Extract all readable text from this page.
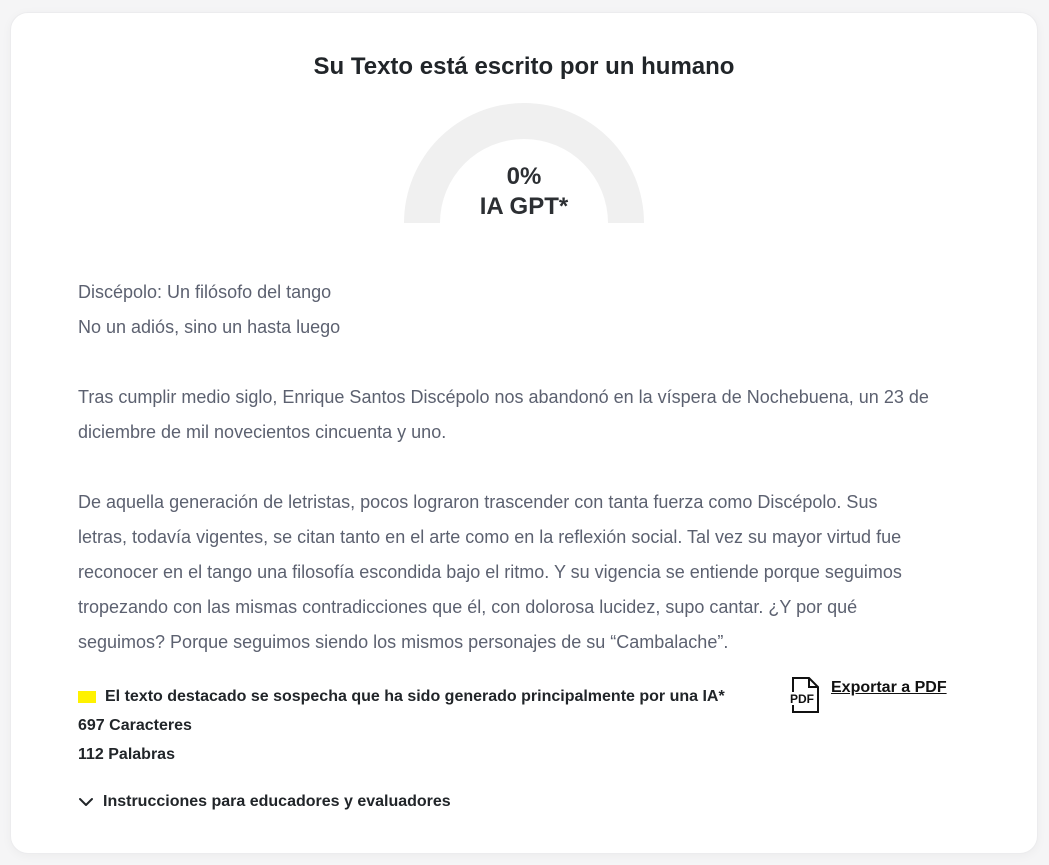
Su Texto está escrito por un humano
0%
IA GPT*

Discépolo: Un filósofo del tango

No un adiós, sino un hasta luego

Tras cumplir medio siglo, Enrique Santos Discépolo nos abandonó en la víspera de Nochebuena, un 23 de

diciembre de mil novecientos cincuenta y uno.

De aquella generación de letristas, pocos lograron trascender con tanta fuerza como Discépolo. Sus

letras, todavía vigentes, se citan tanto en el arte como en la reflexión social. Tal vez su mayor virtud fue

reconocer en el tango una filosofía escondida bajo el ritmo. Y su vigencia se entiende porque seguimos

tropezando con las mismas contradicciones que él, con dolorosa lucidez, supo cantar. ¿Y por qué

seguimos? Porque seguimos siendo los mismos personajes de su “Cambalache”.

El texto destacado se sospecha que ha sido generado principalmente por una IA*
697 Caracteres
112 Palabras
PDF
Exportar a PDF
Instrucciones para educadores y evaluadores
